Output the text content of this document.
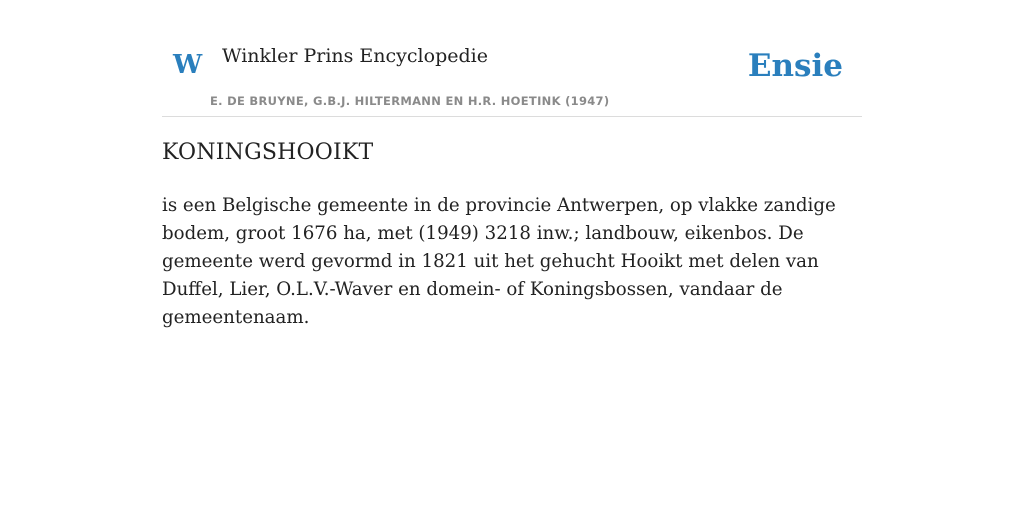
W Winkler Prins Encyclopedie
E. DE BRUYNE, G.B.J. HILTERMANN EN H.R. HOETINK (1947)
Ensie
KONINGSHOOIKT

is een Belgische gemeente in de provincie Antwerpen, op vlakke zandige bodem, groot 1676 ha, met (1949) 3218 inw.; landbouw, eikenbos. De gemeente werd gevormd in 1821 uit het gehucht Hooikt met delen van Duffel, Lier, O.L.V.-Waver en domein- of Koningsbossen, vandaar de gemeentenaam.
